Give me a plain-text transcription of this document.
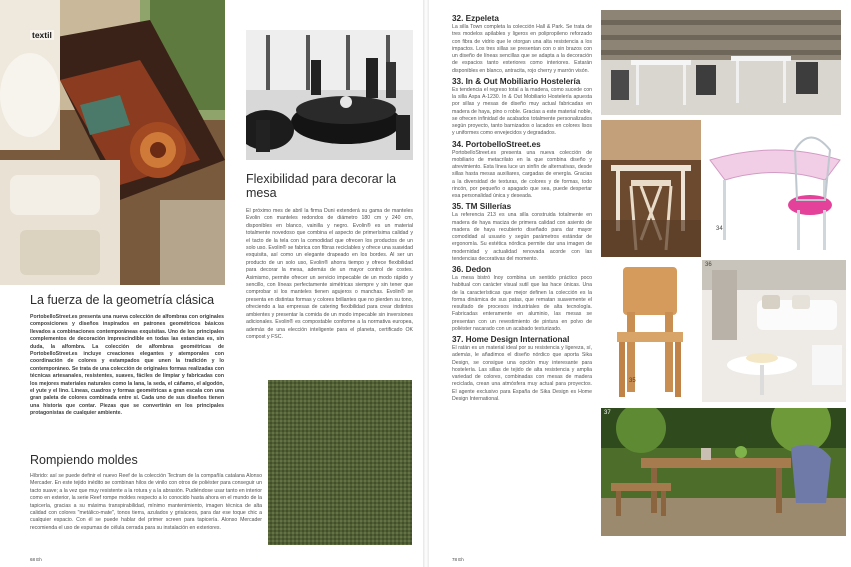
textil
La fuerza de la geometría clásica

PortobelloStreet.es presenta una nueva colección de alfombras con originales composiciones y diseños inspirados en patrones geométricos básicos llevados a combinaciones contemporáneas exquisitas. Uno de los principales complementos de decoración imprescindible en todas las estancias es, sin duda, la alfombra. La colección de alfombras geométricas de PortobelloStreet.es incluye creaciones elegantes y atemporales con coordinación de colores y estampados que unen la tradición y lo contemporáneo. Se trata de una colección de originales formas realizadas con técnicas artesanales, resistentes, suaves, fáciles de limpiar y fabricadas con los mejores materiales naturales como la lana, la seda, el cáñamo, el algodón, el yute y el lino. Líneas, cuadros y formas geométricas a gran escala con una gran paleta de colores combinada entre sí. Cada uno de sus diseños tienen una historia que contar. Piezas que se convertirán en los principales protagonistas de cualquier ambiente.

Flexibilidad para decorar la mesa

El próximo mes de abril la firma Duni extenderá su gama de manteles Evolin con manteles redondos de diámetro 180 cm y 240 cm, disponibles en blanco, vainilla y negro. Evolin® es un material totalmente novedoso que combina el aspecto de primerísima calidad y el tacto de la tela con la comodidad que ofrecen los productos de un solo uso. Evolin® se fabrica con fibras reciclables y ofrece una suavidad exquisita, así como un elegante drapeado en los bordes. Al ser un producto de un solo uso, Evolin® ahorra tiempo y ofrece flexibilidad para decorar la mesa, además de un mayor control de costes. Asimismo, permite ofrecer un servicio impecable de un modo rápido y sencillo, con líneas perfectamente simétricas siempre y sin tener que comprobar si los manteles tienen agujeros o manchas. Evolin® se presenta en distintas formas y colores brillantes que no pierden su tono, ofreciendo a las empresas de catering flexibilidad para crear distintos ambientes y presentar la comida de un modo impecable sin inversiones adicionales. Evolin® es compostable conforme a la normativa europea, además de una elección inteligente para el planeta, certificado OK compost y FSC.

Rompiendo moldes

Híbrido: así se puede definir el nuevo Reef de la colección Tectram de la compañía catalana Alonso Mercader. En este tejido inédito se combinan hilos de vinilo con otros de poliéster para conseguir un tacto suave; a la vez que muy resistente a la rotura y a la abrasión. Pudiéndose usar tanto en interior como en exterior, la serie Reef rompe moldes respecto a lo conocido hasta ahora en el mundo de la tapicería, gracias a su máxima transpirabilidad, mínimo mantenimiento, imagen técnica de alta calidad con colores "metálico-mate", tonos tierra, azulados y grisáceos, para dar ese toque chic a cualquier espacio. Con él se puede hablar del primer screen para tapicería. Alonso Mercader recomienda el uso de espumas de célula cerrada para su instalación en exteriores.

68 Eh
32. Ezpeleta

La silla Town completa la colección Hall & Park. Se trata de tres modelos apilables y ligeros en polipropileno reforzado con fibra de vidrio que le otorgan una alta resistencia a los impactos. Los tres sillas se presentan con o sin brazos con un diseño de líneas sencillas que se adapta a la decoración de espacios tanto exteriores como interiores. Estarán disponibles en blanco, antracita, rojo cherry y marrón visón.

33. In & Out Mobiliario Hostelería

Es tendencia el regreso total a la madera, como sucede con la silla Aspa A-1230. In & Out Mobiliario Hostelería apuesta por sillas y mesas de diseño muy actual fabricadas en madera de haya, pino o roble. Gracias a este material noble, se ofrecen infinidad de acabados totalmente personalizados según proyecto, tanto barnizados o lacados en colores lisos y uniformes como envejecidos y degradados.

34. PortobelloStreet.es

PortobelloStreet.es presenta una nueva colección de mobiliario de metacrilato en la que combina diseño y atrevimiento. Esta línea luce un sinfín de alternativas, desde sillas hasta mesas auxiliares, cargadas de energía. Gracias a la diversidad de texturas, de colores y de formas, todo rincón, por pequeño o apagado que sea, puede despertar esa personalidad única y deseada.

35. TM Sillerías

La referencia 213 es una silla construida totalmente en madera de haya maciza de primera calidad con asiento de madera de haya recubierto diseñado para dar mayor comodidad al usuario y según parámetros estándar de ergonomía. Su estética nórdica permite dar una imagen de modernidad y actualidad renovada acorde con las tendencias decorativas del momento.

36. Dedon

La mesa bistró Inoy combina un sentido práctico poco habitual con carácter visual sutil que las hace únicas. Una de la características que mejor definen la colección es la forma dinámica de sus patas, que rematan suavemente el resultado de procesos industriales de alta tecnología. Fabricadas enteramente en aluminio, las mesas se presentan con un revestimiento de pintura en polvo de poliéster nacarado con un acabado texturizado.

37. Home Design International

El ratán es un material ideal por su resistencia y ligereza, sí, además, le añadimos el diseño nórdico que aporta Sika Design, se consigue una opción muy interesante para hostelería. Las sillas de tejido de alta resistencia y amplia variedad de colores, combinadas con mesas de madera reciclada, crean una atmósfera muy actual para proyectos. El agente exclusivo para España de Sika Design es Home Design International.

34
35
36
37
78 Eh
